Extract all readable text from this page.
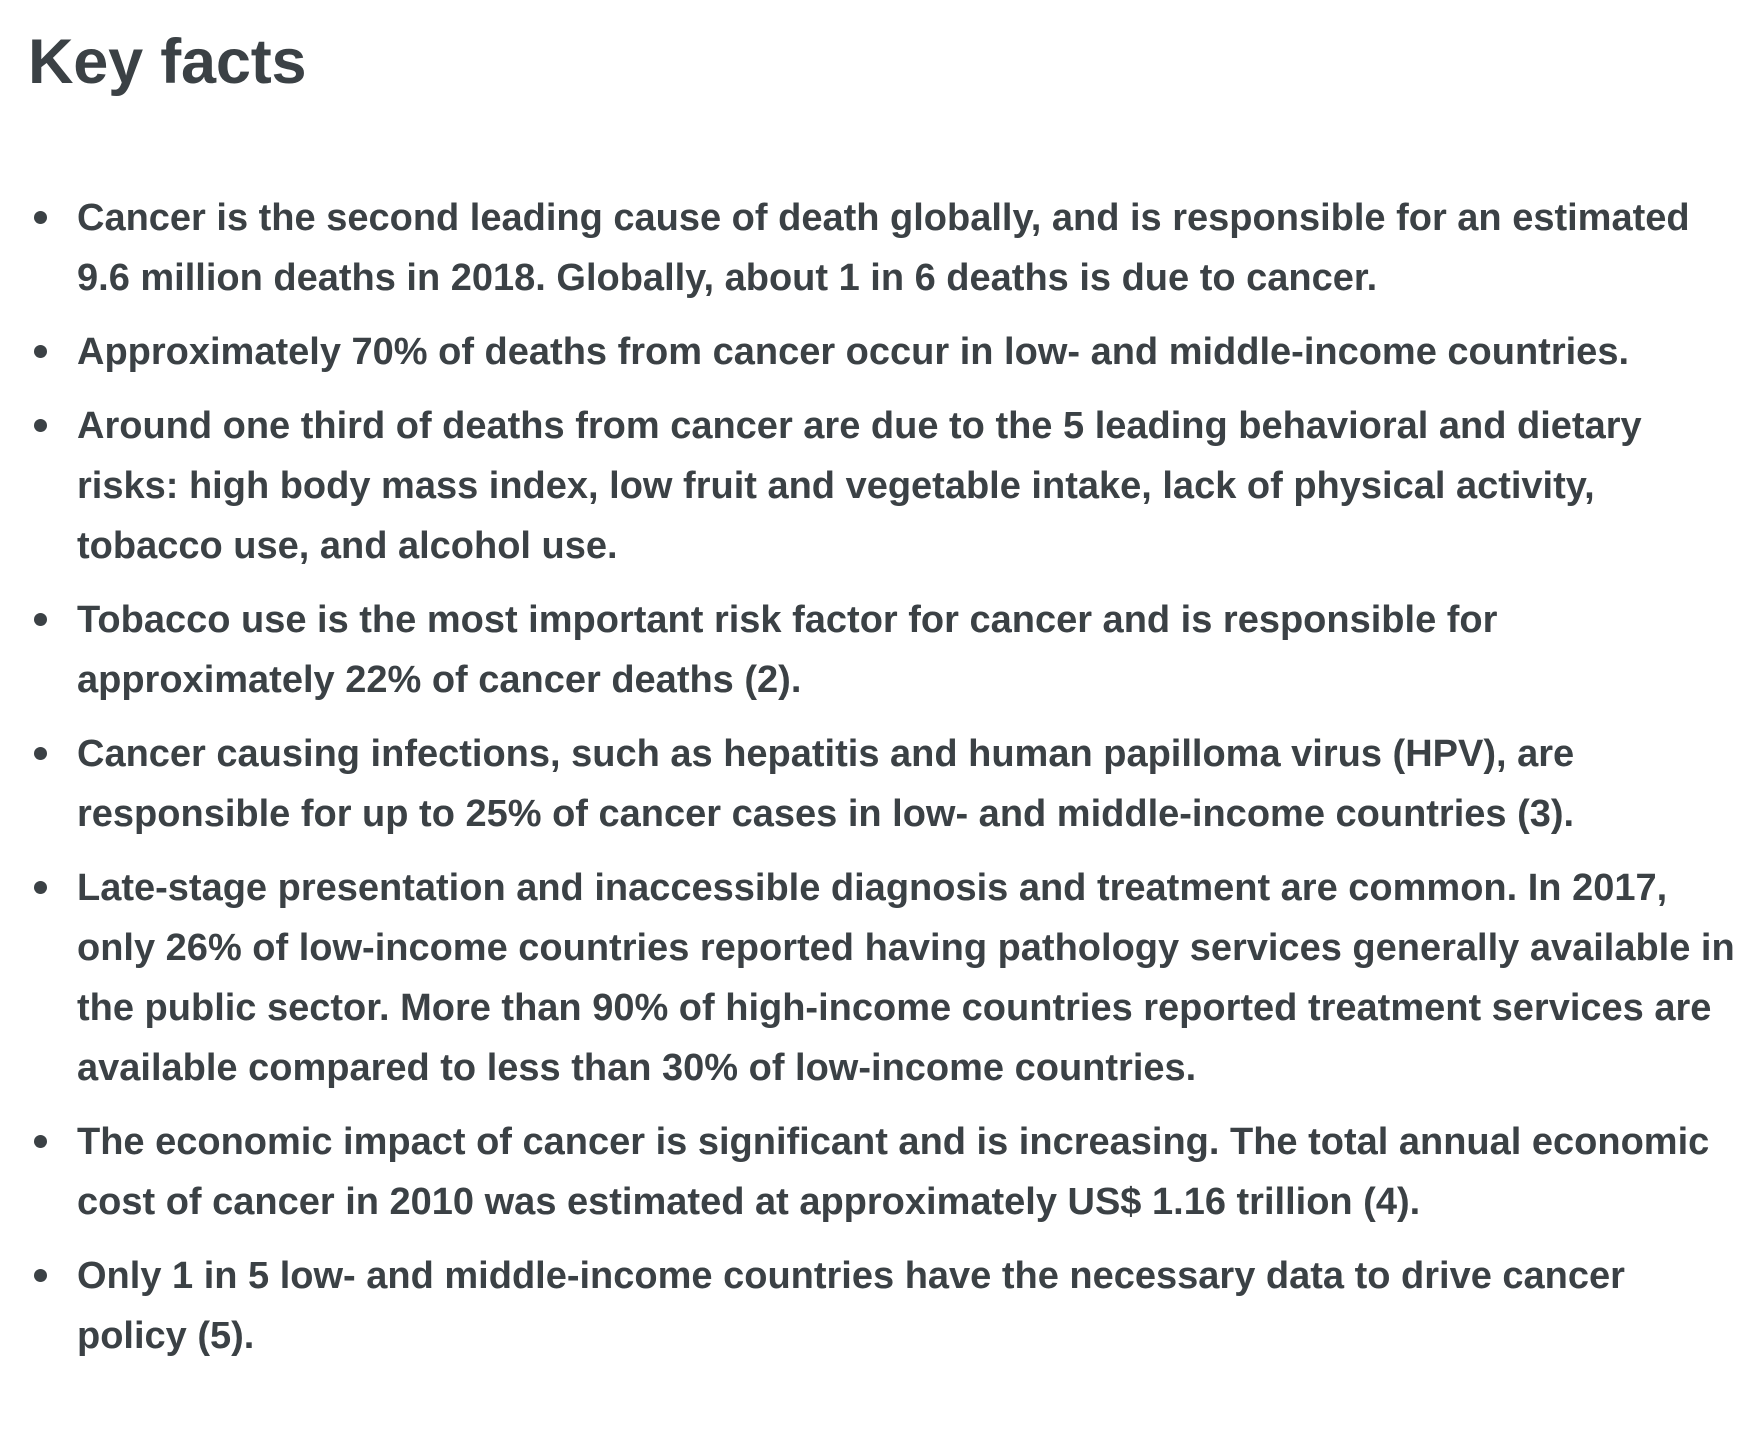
Key facts
Cancer is the second leading cause of death globally, and is responsible for an estimated 9.6 million deaths in 2018. Globally, about 1 in 6 deaths is due to cancer.
Approximately 70% of deaths from cancer occur in low- and middle-income countries.
Around one third of deaths from cancer are due to the 5 leading behavioral and dietary risks: high body mass index, low fruit and vegetable intake, lack of physical activity, tobacco use, and alcohol use.
Tobacco use is the most important risk factor for cancer and is responsible for approximately 22% of cancer deaths (2).
Cancer causing infections, such as hepatitis and human papilloma virus (HPV), are responsible for up to 25% of cancer cases in low- and middle-income countries (3).
Late-stage presentation and inaccessible diagnosis and treatment are common. In 2017, only 26% of low-income countries reported having pathology services generally available in the public sector. More than 90% of high-income countries reported treatment services are available compared to less than 30% of low-income countries.
The economic impact of cancer is significant and is increasing. The total annual economic cost of cancer in 2010 was estimated at approximately US$ 1.16 trillion (4).
Only 1 in 5 low- and middle-income countries have the necessary data to drive cancer policy (5).
